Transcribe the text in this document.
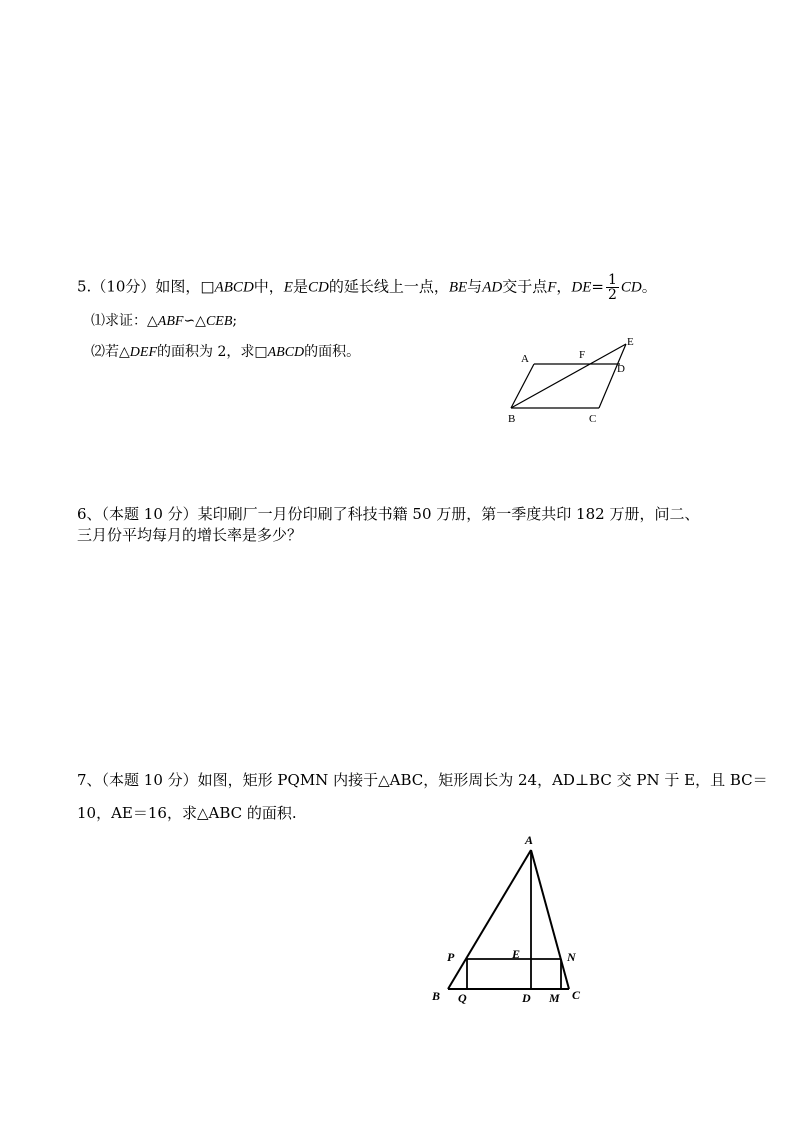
5.（10分）如图，□ABCD中，E是CD的延长线上一点，BE与AD交于点F，$DE= \frac{1}{2}$ CD。
⑴求证：△ABF∽△CEB;
⑵若△DEF的面积为 2，求□ABCD的面积。	A	F
E
D
B	C
6、（本题 10 分）某印刷厂一月份印刷了科技书籍 50 万册，第一季度共印 182 万册，问二、
三月份平均每月的增长率是多少？
7、（本题 10 分）如图，矩形 PQMN 内接于△ABC，矩形周长为 24，AD⊥BC 交 PN 于 E，且 BC＝
10，AE＝16，求△ABC 的面积.
A
P	E	N
B Q	D M C
